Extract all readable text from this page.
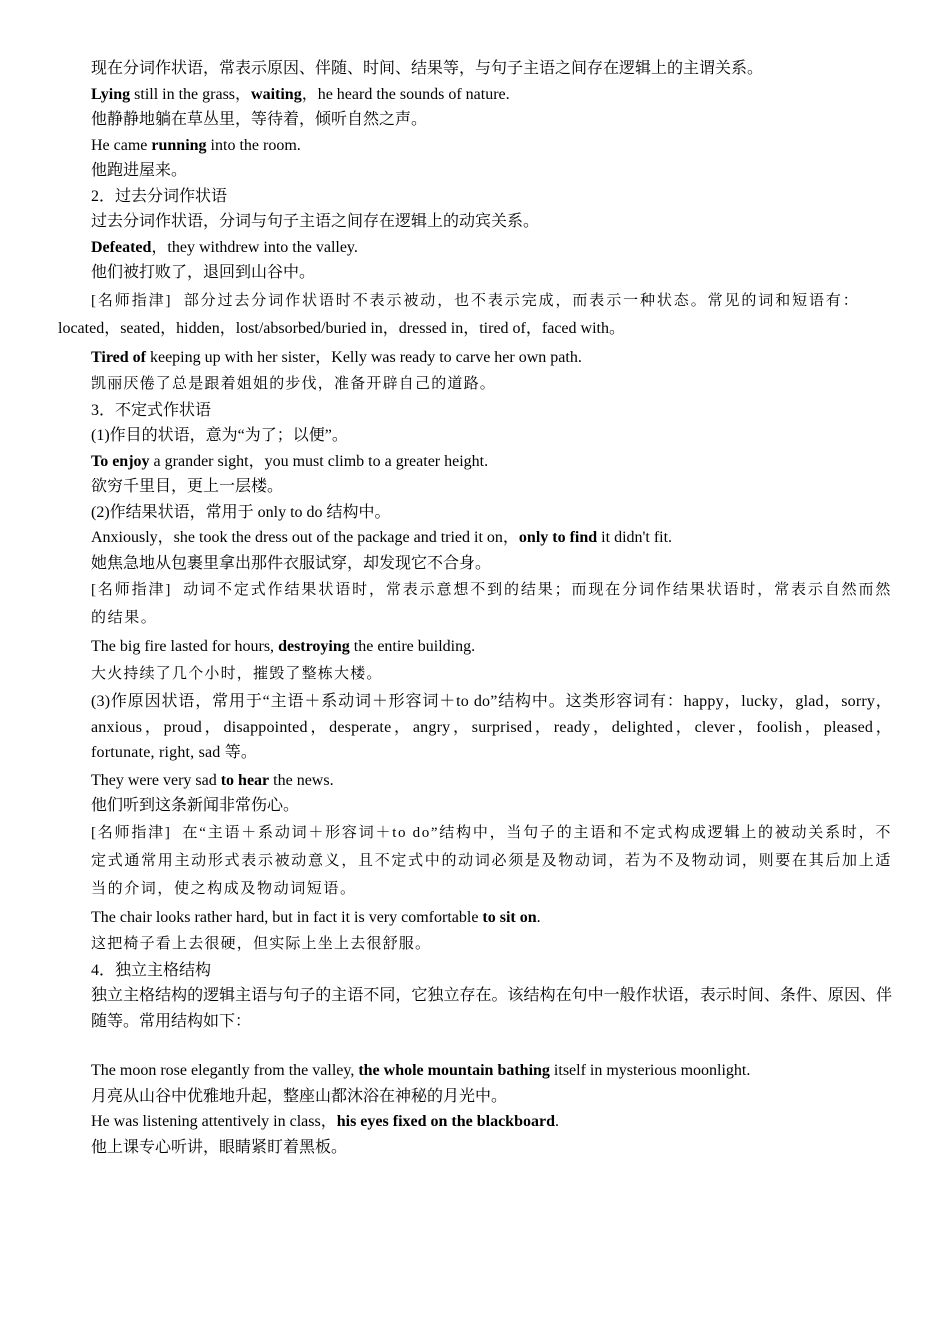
现在分词作状语，常表示原因、伴随、时间、结果等，与句子主语之间存在逻辑上的主谓关系。

Lying still in the grass，waiting，he heard the sounds of nature.

他静静地躺在草丛里，等待着，倾听自然之声。

He came running into the room.

他跑进屋来。

2．过去分词作状语

过去分词作状语，分词与句子主语之间存在逻辑上的动宾关系。

Defeated，they withdrew into the valley.

他们被打败了，退回到山谷中。

[名师指津] 部分过去分词作状语时不表示被动，也不表示完成，而表示一种状态。常见的词和短语有：

located，seated，hidden，lost/absorbed/buried in，dressed in，tired of，faced with。

Tired of keeping up with her sister，Kelly was ready to carve her own path.

凯丽厌倦了总是跟着姐姐的步伐，准备开辟自己的道路。

3．不定式作状语

(1)作目的状语，意为“为了；以便”。

To enjoy a grander sight，you must climb to a greater height.

欲穷千里目，更上一层楼。

(2)作结果状语，常用于 only to do 结构中。

Anxiously，she took the dress out of the package and tried it on，only to find it didn't fit.

她焦急地从包裹里拿出那件衣服试穿，却发现它不合身。

[名师指津] 动词不定式作结果状语时，常表示意想不到的结果；而现在分词作结果状语时，常表示自然而然的结果。

The big fire lasted for hours, destroying the entire building.

大火持续了几个小时，摧毁了整栋大楼。

(3)作原因状语，常用于“主语＋系动词＋形容词＋to do”结构中。这类形容词有：happy，lucky，glad，sorry，anxious，proud，disappointed，desperate，angry，surprised，ready，delighted，clever，foolish，pleased，fortunate, right, sad 等。

They were very sad to hear the news.

他们听到这条新闻非常伤心。

[名师指津] 在“主语＋系动词＋形容词＋to do”结构中，当句子的主语和不定式构成逻辑上的被动关系时，不定式通常用主动形式表示被动意义，且不定式中的动词必须是及物动词，若为不及物动词，则要在其后加上适当的介词，使之构成及物动词短语。

The chair looks rather hard, but in fact it is very comfortable to sit on.

这把椅子看上去很硬，但实际上坐上去很舒服。

4．独立主格结构

独立主格结构的逻辑主语与句子的主语不同，它独立存在。该结构在句中一般作状语，表示时间、条件、原因、伴随等。常用结构如下：

The moon rose elegantly from the valley, the whole mountain bathing itself in mysterious moonlight.

月亮从山谷中优雅地升起，整座山都沐浴在神秘的月光中。

He was listening attentively in class，his eyes fixed on the blackboard.

他上课专心听讲，眼睛紧盯着黑板。
